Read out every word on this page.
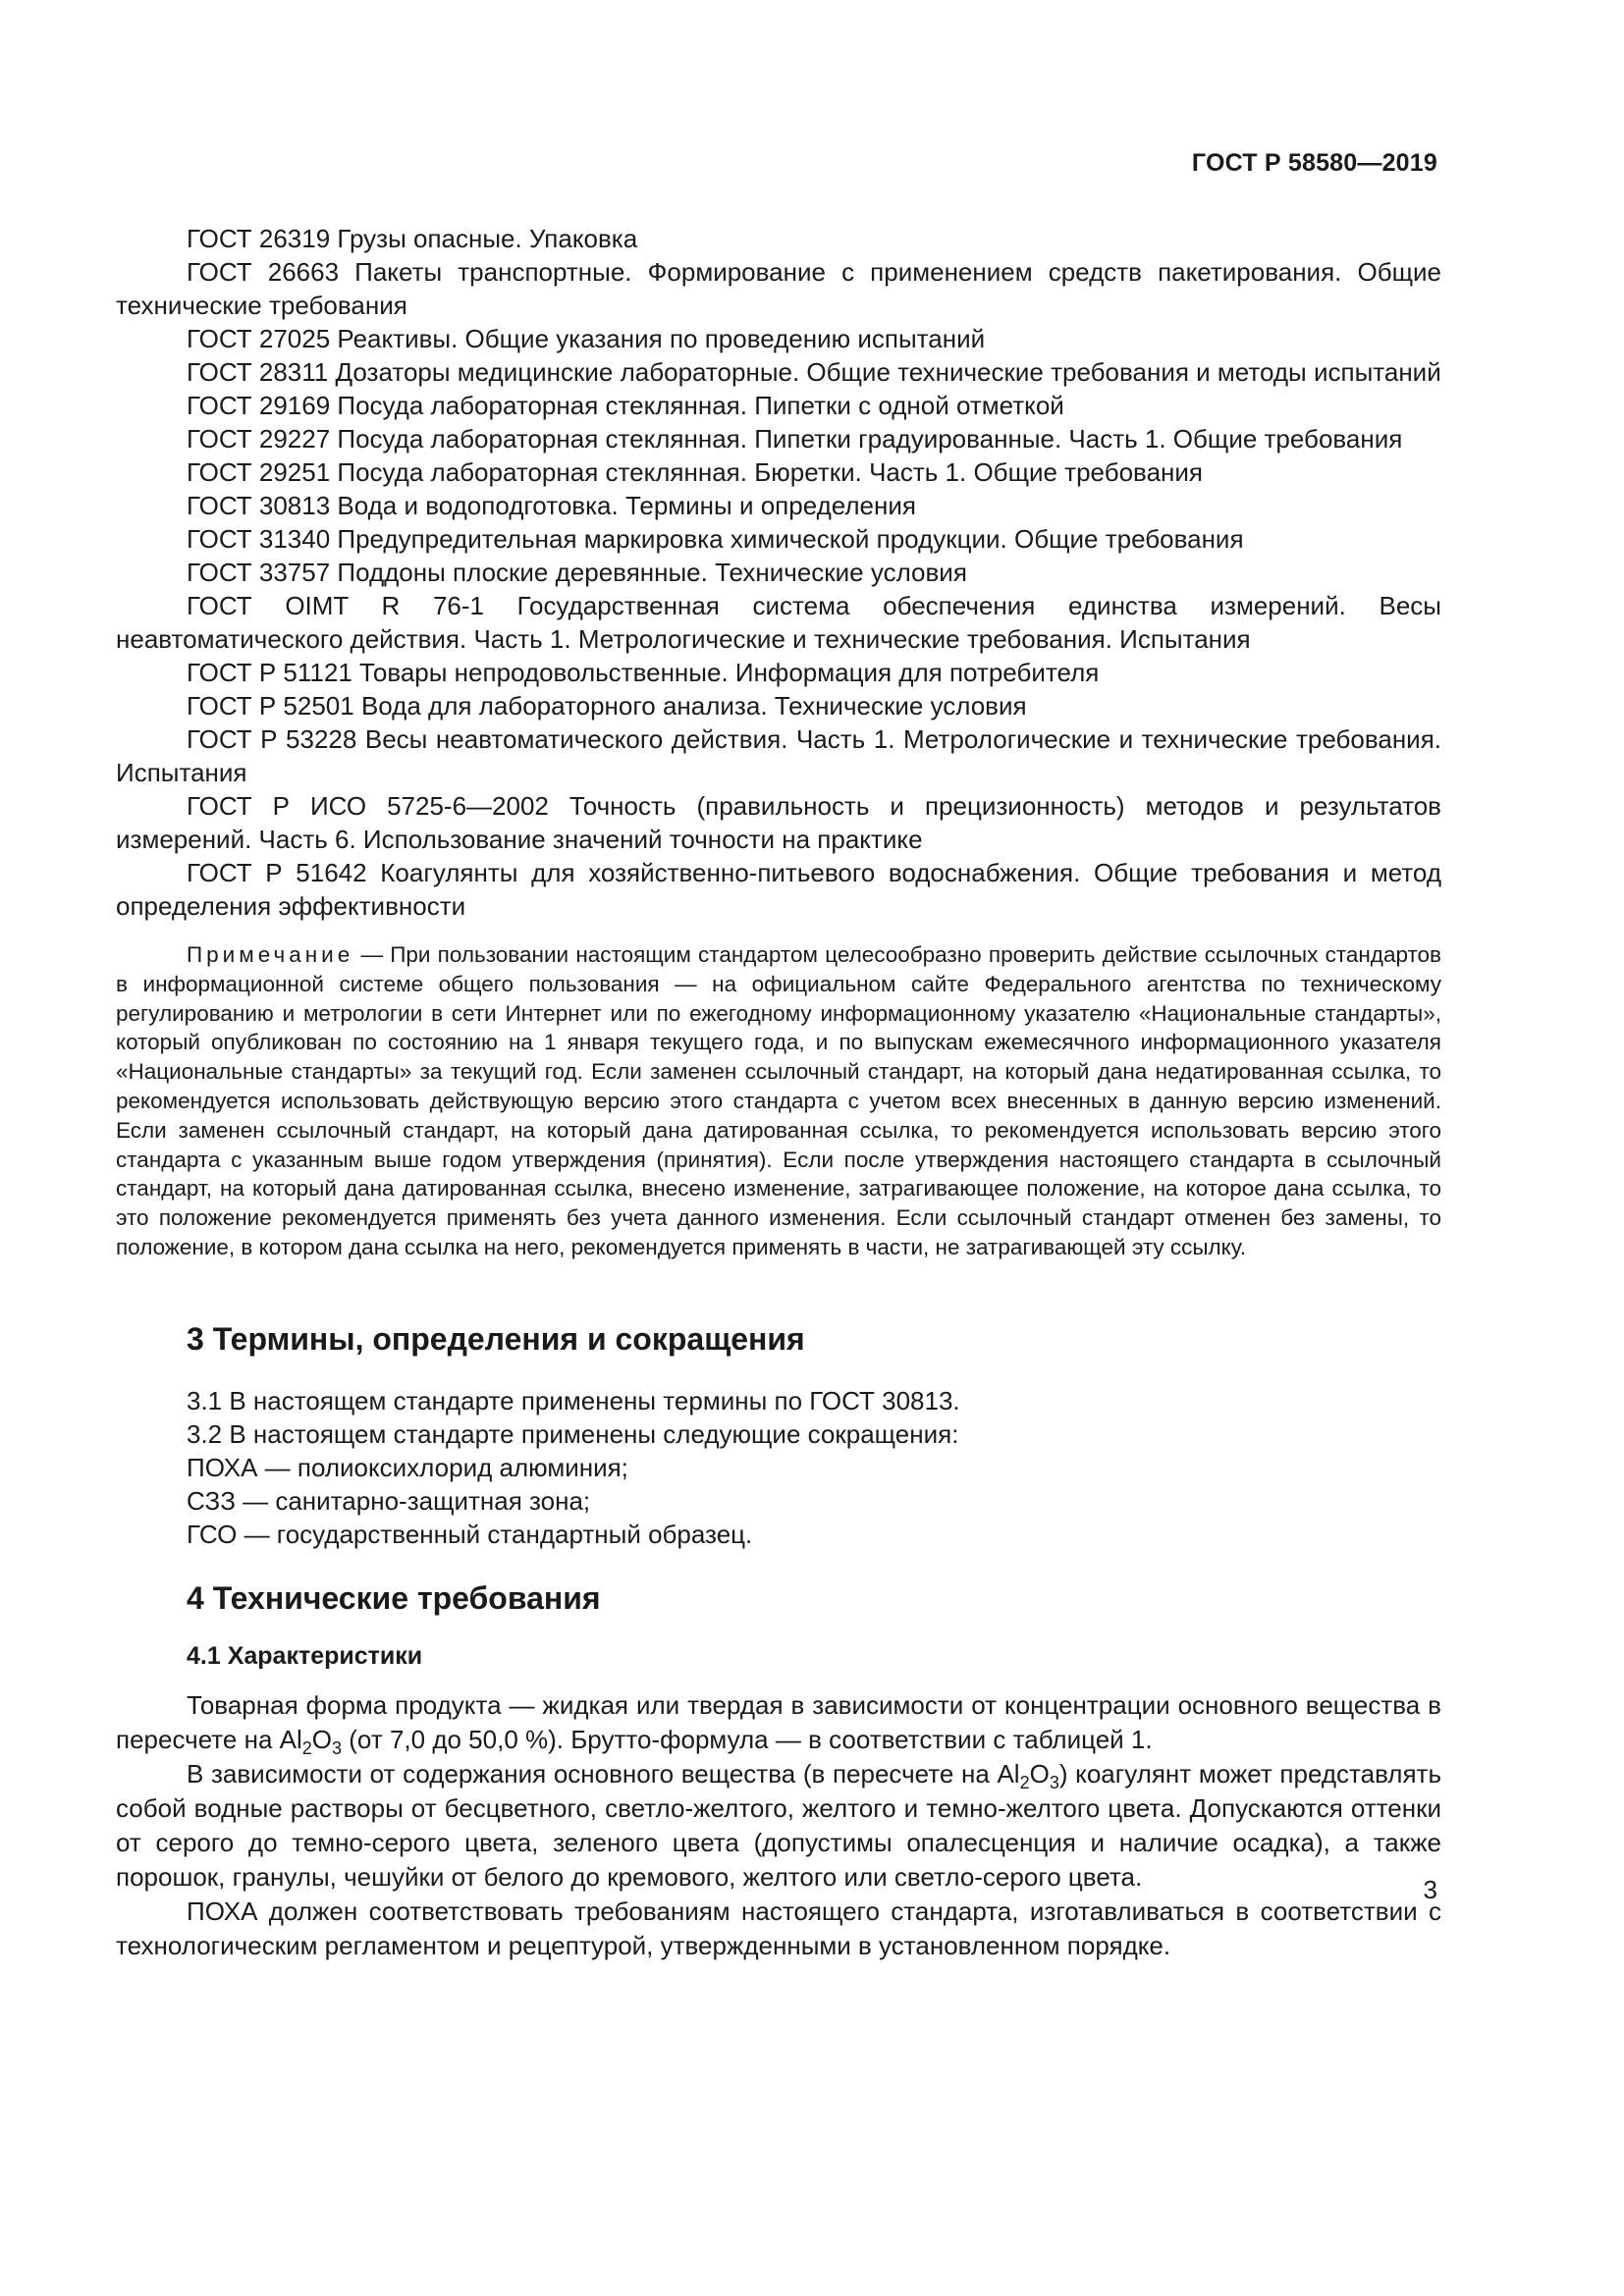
ГОСТ Р 58580—2019

ГОСТ 26319 Грузы опасные. Упаковка

ГОСТ 26663 Пакеты транспортные. Формирование с применением средств пакетирования. Общие технические требования

ГОСТ 27025 Реактивы. Общие указания по проведению испытаний

ГОСТ 28311 Дозаторы медицинские лабораторные. Общие технические требования и методы испытаний

ГОСТ 29169 Посуда лабораторная стеклянная. Пипетки с одной отметкой

ГОСТ 29227 Посуда лабораторная стеклянная. Пипетки градуированные. Часть 1. Общие требования

ГОСТ 29251 Посуда лабораторная стеклянная. Бюретки. Часть 1. Общие требования

ГОСТ 30813 Вода и водоподготовка. Термины и определения

ГОСТ 31340 Предупредительная маркировка химической продукции. Общие требования

ГОСТ 33757 Поддоны плоские деревянные. Технические условия

ГОСТ OIMT R 76-1 Государственная система обеспечения единства измерений. Весы неавтоматического действия. Часть 1. Метрологические и технические требования. Испытания

ГОСТ Р 51121 Товары непродовольственные. Информация для потребителя

ГОСТ Р 52501 Вода для лабораторного анализа. Технические условия

ГОСТ Р 53228 Весы неавтоматического действия. Часть 1. Метрологические и технические требования. Испытания

ГОСТ Р ИСО 5725-6—2002 Точность (правильность и прецизионность) методов и результатов измерений. Часть 6. Использование значений точности на практике

ГОСТ Р 51642 Коагулянты для хозяйственно-питьевого водоснабжения. Общие требования и метод определения эффективности

Примечание — При пользовании настоящим стандартом целесообразно проверить действие ссылочных стандартов в информационной системе общего пользования — на официальном сайте Федерального агентства по техническому регулированию и метрологии в сети Интернет или по ежегодному информационному указателю «Национальные стандарты», который опубликован по состоянию на 1 января текущего года, и по выпускам ежемесячного информационного указателя «Национальные стандарты» за текущий год. Если заменен ссылочный стандарт, на который дана недатированная ссылка, то рекомендуется использовать действующую версию этого стандарта с учетом всех внесенных в данную версию изменений. Если заменен ссылочный стандарт, на который дана датированная ссылка, то рекомендуется использовать версию этого стандарта с указанным выше годом утверждения (принятия). Если после утверждения настоящего стандарта в ссылочный стандарт, на который дана датированная ссылка, внесено изменение, затрагивающее положение, на которое дана ссылка, то это положение рекомендуется применять без учета данного изменения. Если ссылочный стандарт отменен без замены, то положение, в котором дана ссылка на него, рекомендуется применять в части, не затрагивающей эту ссылку.

3 Термины, определения и сокращения

3.1 В настоящем стандарте применены термины по ГОСТ 30813.

3.2 В настоящем стандарте применены следующие сокращения:

ПОХА — полиоксихлорид алюминия;

СЗЗ — санитарно-защитная зона;

ГСО — государственный стандартный образец.

4 Технические требования
4.1 Характеристики

Товарная форма продукта — жидкая или твердая в зависимости от концентрации основного вещества в пересчете на $Al_2O_3$ (от 7,0 до 50,0 %). Брутто-формула — в соответствии с таблицей 1.

В зависимости от содержания основного вещества (в пересчете на $Al_2O_3$) коагулянт может представлять собой водные растворы от бесцветного, светло-желтого, желтого и темно-желтого цвета. Допускаются оттенки от серого до темно-серого цвета, зеленого цвета (допустимы опалесценция и наличие осадка), а также порошок, гранулы, чешуйки от белого до кремового, желтого или светло-серого цвета.

ПОХА должен соответствовать требованиям настоящего стандарта, изготавливаться в соответствии с технологическим регламентом и рецептурой, утвержденными в установленном порядке.

3
